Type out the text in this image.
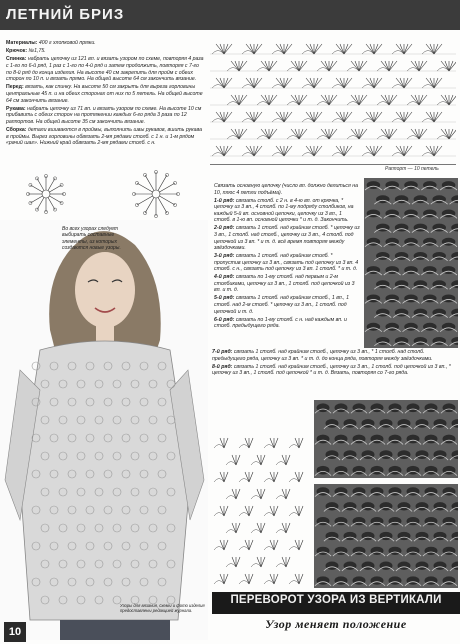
ЛЕТНИЙ БРИЗ

Материалы: 400 г хлопковой пряжи.

Крючок: №1,75.

Спинка: набрать цепочку из 121 вп. и вязать узором по схеме, повторяя 4 раза с 1-го по 6-й ряд, 1 раз с 1-го по 4-й ряд и затем продолжить, повторяя с 7-го по 8-й ряд до конца изделия. На высоте 40 см закрепить для пройм с обеих сторон по 10 п. и вязать прямо. На общей высоте 64 см закончить вязание.

Перед: вязать, как спинку. На высоте 50 см закрыть для выреза горловины центральные 45 п. и на обеих сторонах от них по 5 петель. На общей высоте 64 см закончить вязание.

Рукава: набрать цепочку из 71 вп. и вязать узором по схеме. На высоте 10 см прибавить с обеих сторон на протяжении каждых 6-го ряда 3 раза по 12 раппортов. На общей высоте 35 см закончить вязание.

Сборка: детали вшиваются в проймы, выполнить швы рукавов, вшить рукава в проймы. Вырез горловины обвязать 2-мя рядами столб. с 1 н. и 1-м рядом «рачий шаг». Нижний край обвязать 2-мя рядами столб. с н.

Раппорт — 10 петель
Во всех узорах следует выбирать составные элементы, из которых создаются новые узоры.
Узоры для вязания, схемы и фото изделия предоставлены редакцией журнала.
10

Связать основную цепочку (число вп. должно делиться на 10, плюс 4 петли подъёма).

1-й ряд: связать столб. с 2 н. в 4-ю вп. от крючка, * цепочку из 3 вп., 4 столб. по 1-му подряду столбиков, на каждый 5-й вп. основной цепочки, цепочку из 3 вп., 1 столб. в 1-ю вп. основной цепочки * и т. д. Закончить.

2-й ряд: связать 1 столб. над крайним столб. * цепочку из 3 вп., 1 столб. над столб., цепочку из 3 вп., 4 столб. под цепочкой из 3 вп. * и т. д. всё время повторяя между звёздочками.

3-й ряд: связать 1 столб. над крайним столб. * пропустив цепочку из 3 вп., связать под цепочку из 3 вп. 4 столб. с н., связать под цепочку из 3 вп. 1 столб. * и т. д.

4-й ряд: связать по 1-му столб. над первым и 2-м столбиками, цепочку из 3 вп., 1 столб. под цепочкой из 3 вп. и т. д.

5-й ряд: связать 1 столб. над крайним столб., 1 вп., 1 столб. над 2-м столб. * цепочку из 3 вп., 1 столб. под цепочкой и т. д.

6-й ряд: связать по 1-му столб. с н. над каждым вп. и столб. предыдущего ряда.

7-й ряд: связать 1 столб. над крайним столб., цепочку из 3 вп., * 1 столб. над столб. предыдущего ряда, цепочку из 3 вп. * и т. д. до конца ряда, повторяя между звёздочками.

8-й ряд: связать 1 столб. над крайним столб., цепочку из 3 вп., 1 столб. под цепочкой из 3 вп., * цепочку из 3 вп., 1 столб. под цепочкой * и т. д. Вязать, повторяя со 7-го ряда.

ПЕРЕВОРОТ УЗОРА ИЗ ВЕРТИКАЛИ
Узор меняет положение
